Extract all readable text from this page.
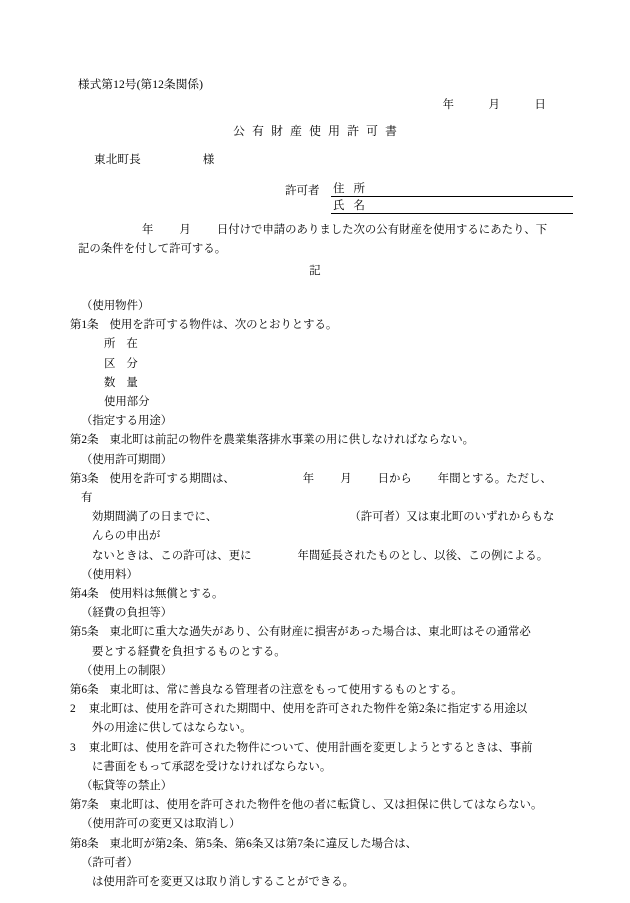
様式第12号(第12条関係)
年　　　月　　　日
公有財産使用許可書
東北町長	様
許可者	住所
氏名
年 月 日付けで申請のありました次の公有財産を使用するにあたり、下
記の条件を付して許可する。
記
（使用物件）
第1条 使用を許可する物件は、次のとおりとする。
所在
区分
数量
使用部分
（指定する用途）
第2条 東北町は前記の物件を農業集落排水事業の用に供しなければならない。
（使用許可期間）
第3条 使用を許可する期間は、	年 月 日から 年間とする。ただし、有
効期間満了の日までに、	（許可者）又は東北町のいずれからもなんらの申出が
ないときは、この許可は、更に	年間延長されたものとし、以後、この例による。
（使用料）
第4条 使用料は無償とする。
（経費の負担等）
第5条 東北町に重大な過失があり、公有財産に損害があった場合は、東北町はその通常必
要とする経費を負担するものとする。
（使用上の制限）
第6条 東北町は、常に善良なる管理者の注意をもって使用するものとする。
2 東北町は、使用を許可された期間中、使用を許可された物件を第2条に指定する用途以
外の用途に供してはならない。
3 東北町は、使用を許可された物件について、使用計画を変更しようとするときは、事前
に書面をもって承認を受けなければならない。
（転貸等の禁止）
第7条 東北町は、使用を許可された物件を他の者に転貸し、又は担保に供してはならない。
（使用許可の変更又は取消し）
第8条 東北町が第2条、第5条、第6条又は第7条に違反した場合は、（許可者）
は使用許可を変更又は取り消しすることができる。
